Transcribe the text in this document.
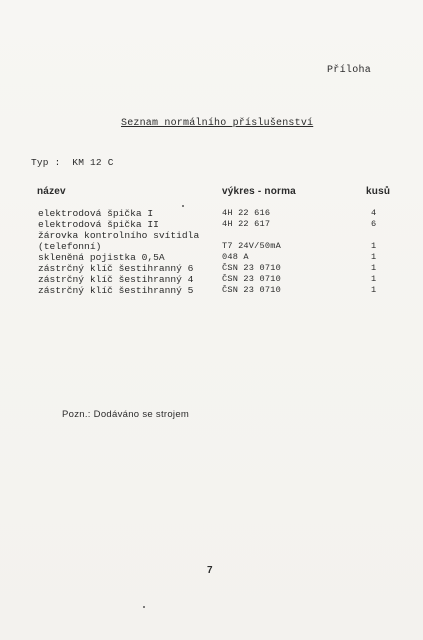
Příloha
Seznam normálního příslušenství
Typ :  KM 12 C
název	výkres - norma	kusů
elektrodová špička I	4H 22 616	4
elektrodová špička II	4H 22 617	6
žárovka kontrolního svítidla
(telefonní)	T7 24V/50mA	1
skleněná pojistka 0,5A	048 A	1
zástrčný klíč šestihranný 6	ČSN 23 0710	1
zástrčný klíč šestihranný 4	ČSN 23 0710	1
zástrčný klíč šestihranný 5	ČSN 23 0710	1
Pozn.: Dodáváno se strojem
7
